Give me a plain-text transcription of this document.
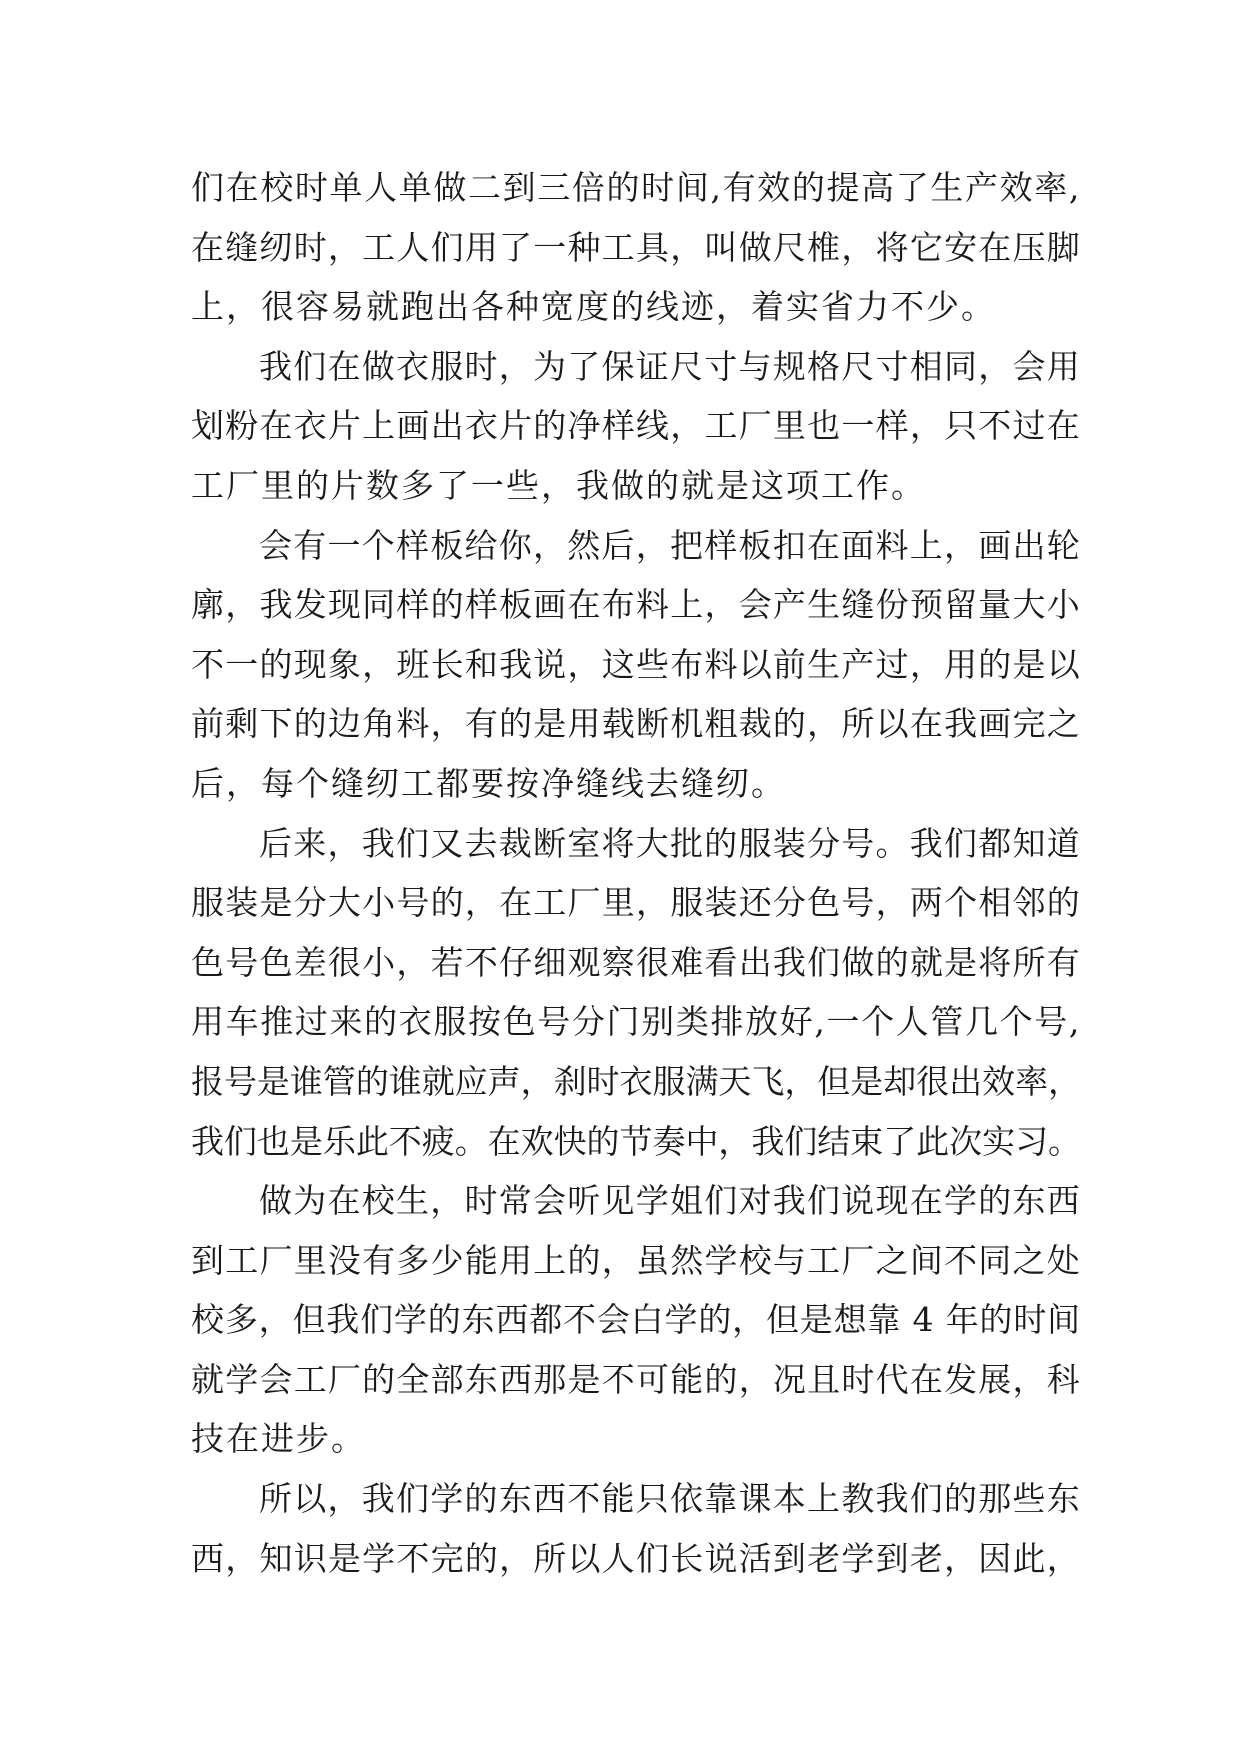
们在校时单人单做二到三倍的时间,有效的提高了生产效率,
在缝纫时，工人们用了一种工具，叫做尺椎，将它安在压脚
上，很容易就跑出各种宽度的线迹，着实省力不少。
我们在做衣服时，为了保证尺寸与规格尺寸相同，会用
划粉在衣片上画出衣片的净样线，工厂里也一样，只不过在
工厂里的片数多了一些，我做的就是这项工作。
会有一个样板给你，然后，把样板扣在面料上，画出轮
廓，我发现同样的样板画在布料上，会产生缝份预留量大小
不一的现象，班长和我说，这些布料以前生产过，用的是以
前剩下的边角料，有的是用载断机粗裁的，所以在我画完之
后，每个缝纫工都要按净缝线去缝纫。
后来，我们又去裁断室将大批的服装分号。我们都知道
服装是分大小号的，在工厂里，服装还分色号，两个相邻的
色号色差很小，若不仔细观察很难看出我们做的就是将所有
用车推过来的衣服按色号分门别类排放好,一个人管几个号,
报号是谁管的谁就应声，刹时衣服满天飞，但是却很出效率，
我们也是乐此不疲。在欢快的节奏中，我们结束了此次实习。
做为在校生，时常会听见学姐们对我们说现在学的东西
到工厂里没有多少能用上的，虽然学校与工厂之间不同之处
校多，但我们学的东西都不会白学的，但是想靠 4 年的时间
就学会工厂的全部东西那是不可能的，况且时代在发展，科
技在进步。
所以，我们学的东西不能只依靠课本上教我们的那些东
西，知识是学不完的，所以人们长说活到老学到老，因此，
